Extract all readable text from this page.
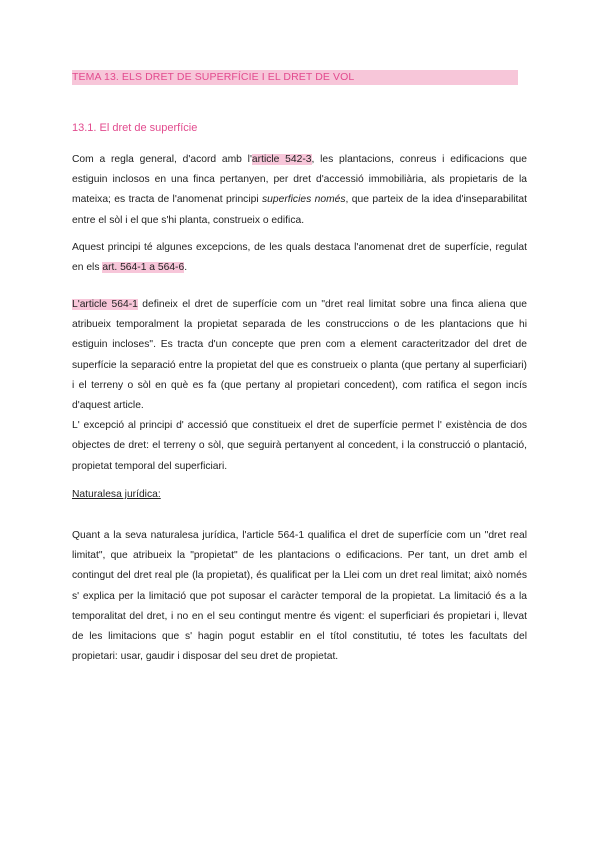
TEMA 13. ELS DRET DE SUPERFÍCIE I EL DRET DE VOL
13.1. El dret de superfície

Com a regla general, d'acord amb l'article 542-3, les plantacions, conreus i edificacions que estiguin inclosos en una finca pertanyen, per dret d'accessió immobiliària, als propietaris de la mateixa; es tracta de l'anomenat principi superficies només, que parteix de la idea d'inseparabilitat entre el sòl i el que s'hi planta, construeix o edifica.

Aquest principi té algunes excepcions, de les quals destaca l'anomenat dret de superfície, regulat en els art. 564-1 a 564-6.

L'article 564-1 defineix el dret de superfície com un "dret real limitat sobre una finca aliena que atribueix temporalment la propietat separada de les construccions o de les plantacions que hi estiguin incloses". Es tracta d'un concepte que pren com a element caracteritzador del dret de superfície la separació entre la propietat del que es construeix o planta (que pertany al superficiari) i el terreny o sòl en què es fa (que pertany al propietari concedent), com ratifica el segon incís d'aquest article.
L' excepció al principi d' accessió que constitueix el dret de superfície permet l' existència de dos objectes de dret: el terreny o sòl, que seguirà pertanyent al concedent, i la construcció o plantació, propietat temporal del superficiari.

Naturalesa jurídica:

Quant a la seva naturalesa jurídica, l'article 564-1 qualifica el dret de superfície com un "dret real limitat", que atribueix la "propietat" de les plantacions o edificacions. Per tant, un dret amb el contingut del dret real ple (la propietat), és qualificat per la Llei com un dret real limitat; això només s' explica per la limitació que pot suposar el caràcter temporal de la propietat. La limitació és a la temporalitat del dret, i no en el seu contingut mentre és vigent: el superficiari és propietari i, llevat de les limitacions que s' hagin pogut establir en el títol constitutiu, té totes les facultats del propietari: usar, gaudir i disposar del seu dret de propietat.
